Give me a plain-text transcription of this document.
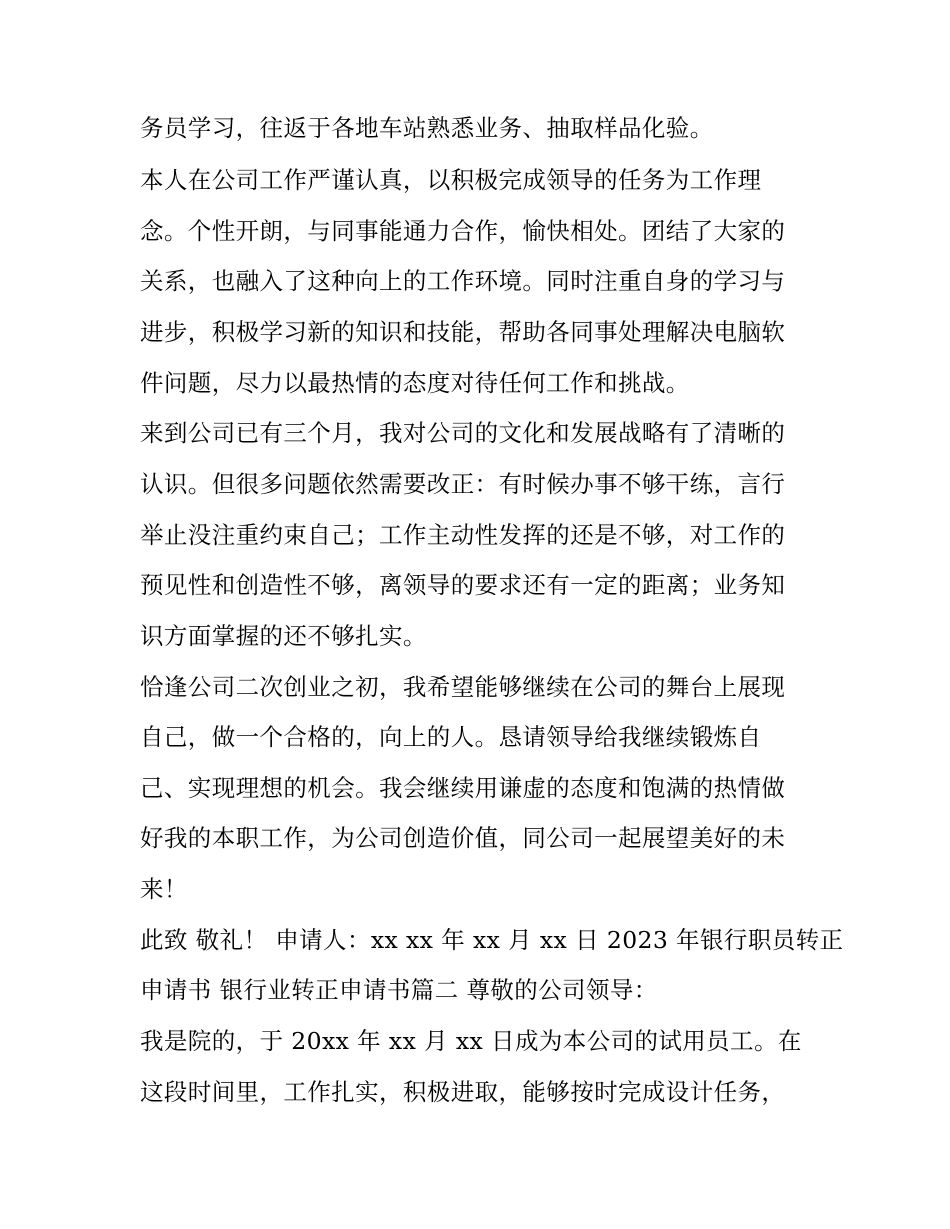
务员学习，往返于各地车站熟悉业务、抽取样品化验。
本人在公司工作严谨认真，以积极完成领导的任务为工作理
念。个性开朗，与同事能通力合作，愉快相处。团结了大家的
关系，也融入了这种向上的工作环境。同时注重自身的学习与
进步，积极学习新的知识和技能，帮助各同事处理解决电脑软
件问题，尽力以最热情的态度对待任何工作和挑战。
来到公司已有三个月，我对公司的文化和发展战略有了清晰的
认识。但很多问题依然需要改正：有时候办事不够干练，言行
举止没注重约束自己；工作主动性发挥的还是不够，对工作的
预见性和创造性不够，离领导的要求还有一定的距离；业务知
识方面掌握的还不够扎实。
恰逢公司二次创业之初，我希望能够继续在公司的舞台上展现
自己，做一个合格的，向上的人。恳请领导给我继续锻炼自
己、实现理想的机会。我会继续用谦虚的态度和饱满的热情做
好我的本职工作，为公司创造价值，同公司一起展望美好的未
来！
此致 敬礼！ 申请人：xx xx 年 xx 月 xx 日 2023 年银行职员转正
申请书 银行业转正申请书篇二 尊敬的公司领导：
我是院的，于 20xx 年 xx 月 xx 日成为本公司的试用员工。在
这段时间里，工作扎实，积极进取，能够按时完成设计任务，
